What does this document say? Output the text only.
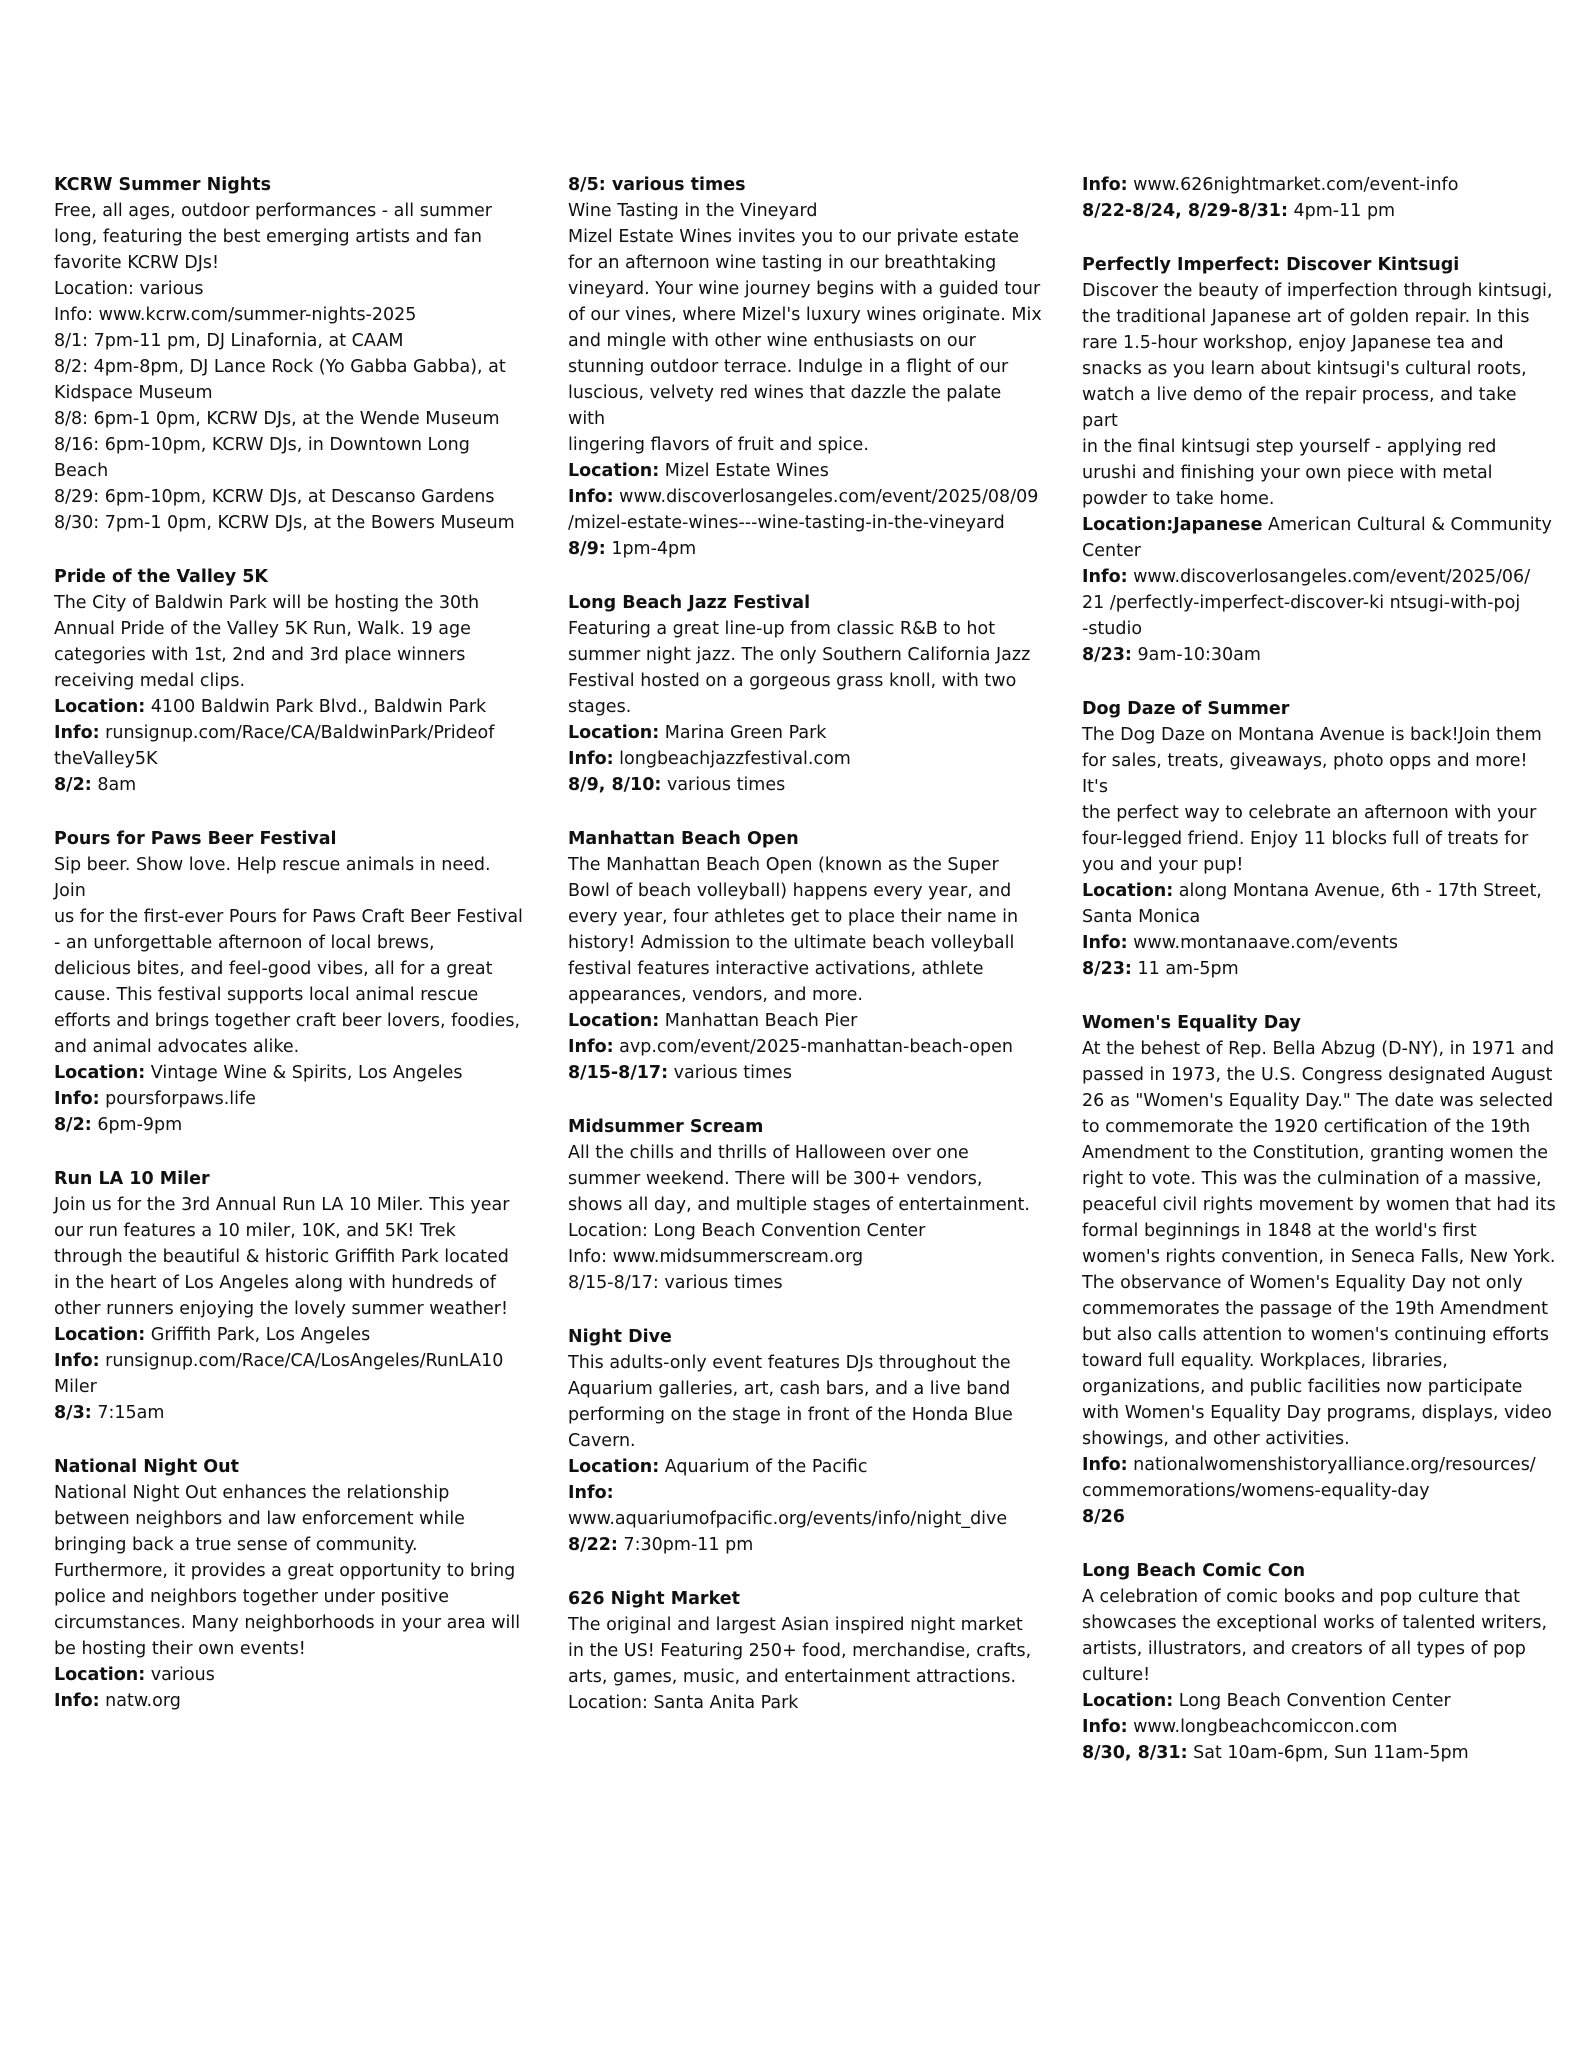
KCRW Summer Nights
Free, all ages, outdoor performances - all summer
long, featuring the best emerging artists and fan
favorite KCRW DJs!
Location: various
Info: www.kcrw.com/summer-nights-2025
8/1: 7pm-11 pm, DJ Linafornia, at CAAM
8/2: 4pm-8pm, DJ Lance Rock (Yo Gabba Gabba), at
Kidspace Museum
8/8: 6pm-1 0pm, KCRW DJs, at the Wende Museum
8/16: 6pm-10pm, KCRW DJs, in Downtown Long
Beach
8/29: 6pm-10pm, KCRW DJs, at Descanso Gardens
8/30: 7pm-1 0pm, KCRW DJs, at the Bowers Museum
Pride of the Valley 5K
The City of Baldwin Park will be hosting the 30th
Annual Pride of the Valley 5K Run, Walk. 19 age
categories with 1st, 2nd and 3rd place winners
receiving medal clips.
Location: 4100 Baldwin Park Blvd., Baldwin Park
Info: runsignup.com/Race/CA/BaldwinPark/Prideof
theValley5K
8/2: 8am
Pours for Paws Beer Festival
Sip beer. Show love. Help rescue animals in need. Join
us for the first-ever Pours for Paws Craft Beer Festival
- an unforgettable afternoon of local brews,
delicious bites, and feel-good vibes, all for a great
cause. This festival supports local animal rescue
efforts and brings together craft beer lovers, foodies,
and animal advocates alike.
Location: Vintage Wine & Spirits, Los Angeles
Info: poursforpaws.life
8/2: 6pm-9pm
Run LA 10 Miler
Join us for the 3rd Annual Run LA 10 Miler. This year
our run features a 10 miler, 10K, and 5K! Trek
through the beautiful & historic Griffith Park located
in the heart of Los Angeles along with hundreds of
other runners enjoying the lovely summer weather!
Location: Griffith Park, Los Angeles
Info: runsignup.com/Race/CA/LosAngeles/RunLA10
Miler
8/3: 7:15am
National Night Out
National Night Out enhances the relationship
between neighbors and law enforcement while
bringing back a true sense of community.
Furthermore, it provides a great opportunity to bring
police and neighbors together under positive
circumstances. Many neighborhoods in your area will
be hosting their own events!
Location: various
Info: natw.org
8/5: various times
Wine Tasting in the Vineyard
Mizel Estate Wines invites you to our private estate
for an afternoon wine tasting in our breathtaking
vineyard. Your wine journey begins with a guided tour
of our vines, where Mizel's luxury wines originate. Mix
and mingle with other wine enthusiasts on our
stunning outdoor terrace. Indulge in a flight of our
luscious, velvety red wines that dazzle the palate with
lingering flavors of fruit and spice.
Location: Mizel Estate Wines
Info: www.discoverlosangeles.com/event/2025/08/09
/mizel-estate-wines---wine-tasting-in-the-vineyard
8/9: 1pm-4pm
Long Beach Jazz Festival
Featuring a great line-up from classic R&B to hot
summer night jazz. The only Southern California Jazz
Festival hosted on a gorgeous grass knoll, with two
stages.
Location: Marina Green Park
Info: longbeachjazzfestival.com
8/9, 8/10: various times
Manhattan Beach Open
The Manhattan Beach Open (known as the Super
Bowl of beach volleyball) happens every year, and
every year, four athletes get to place their name in
history! Admission to the ultimate beach volleyball
festival features interactive activations, athlete
appearances, vendors, and more.
Location: Manhattan Beach Pier
Info: avp.com/event/2025-manhattan-beach-open
8/15-8/17: various times
Midsummer Scream
All the chills and thrills of Halloween over one
summer weekend. There will be 300+ vendors,
shows all day, and multiple stages of entertainment.
Location: Long Beach Convention Center
Info: www.midsummerscream.org
8/15-8/17: various times
Night Dive
This adults-only event features DJs throughout the
Aquarium galleries, art, cash bars, and a live band
performing on the stage in front of the Honda Blue
Cavern.
Location: Aquarium of the Pacific
Info:
www.aquariumofpacific.org/events/info/night_dive
8/22: 7:30pm-11 pm
626 Night Market
The original and largest Asian inspired night market
in the US! Featuring 250+ food, merchandise, crafts,
arts, games, music, and entertainment attractions.
Location: Santa Anita Park
Info: www.626nightmarket.com/event-info
8/22-8/24, 8/29-8/31: 4pm-11 pm
Perfectly Imperfect: Discover Kintsugi
Discover the beauty of imperfection through kintsugi,
the traditional Japanese art of golden repair. In this
rare 1.5-hour workshop, enjoy Japanese tea and
snacks as you learn about kintsugi's cultural roots,
watch a live demo of the repair process, and take part
in the final kintsugi step yourself - applying red
urushi and finishing your own piece with metal
powder to take home.
Location:Japanese American Cultural & Community
Center
Info: www.discoverlosangeles.com/event/2025/06/
21 /perfectly-imperfect-discover-ki ntsugi-with-poj
-studio
8/23: 9am-10:30am
Dog Daze of Summer
The Dog Daze on Montana Avenue is back!Join them
for sales, treats, giveaways, photo opps and more! It's
the perfect way to celebrate an afternoon with your
four-legged friend. Enjoy 11 blocks full of treats for
you and your pup!
Location: along Montana Avenue, 6th - 17th Street,
Santa Monica
Info: www.montanaave.com/events
8/23: 11 am-5pm
Women's Equality Day
At the behest of Rep. Bella Abzug (D-NY), in 1971 and
passed in 1973, the U.S. Congress designated August
26 as "Women's Equality Day." The date was selected
to commemorate the 1920 certification of the 19th
Amendment to the Constitution, granting women the
right to vote. This was the culmination of a massive,
peaceful civil rights movement by women that had its
formal beginnings in 1848 at the world's first
women's rights convention, in Seneca Falls, New York.
The observance of Women's Equality Day not only
commemorates the passage of the 19th Amendment
but also calls attention to women's continuing efforts
toward full equality. Workplaces, libraries,
organizations, and public facilities now participate
with Women's Equality Day programs, displays, video
showings, and other activities.
Info: nationalwomenshistoryalliance.org/resources/
commemorations/womens-equality-day
8/26
Long Beach Comic Con
A celebration of comic books and pop culture that
showcases the exceptional works of talented writers,
artists, illustrators, and creators of all types of pop
culture!
Location: Long Beach Convention Center
Info: www.longbeachcomiccon.com
8/30, 8/31: Sat 10am-6pm, Sun 11am-5pm
